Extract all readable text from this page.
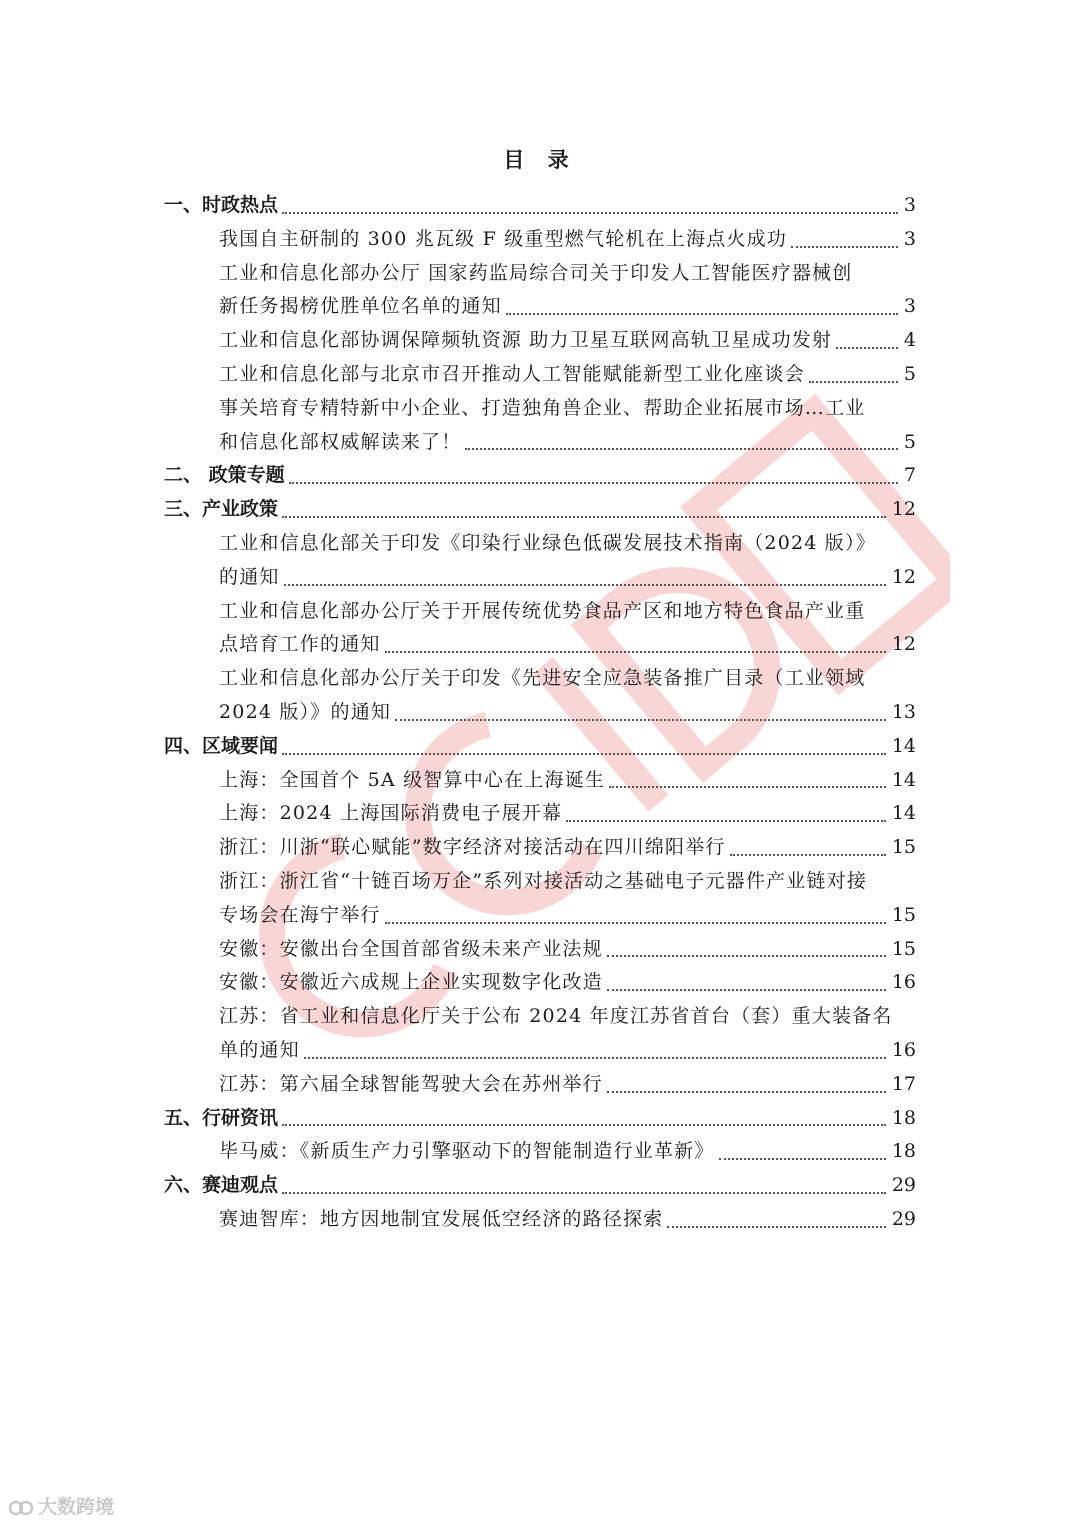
目 录
一、时政热点	3
我国自主研制的 300 兆瓦级 F 级重型燃气轮机在上海点火成功	3
工业和信息化部办公厅 国家药监局综合司关于印发人工智能医疗器械创
新任务揭榜优胜单位名单的通知	3
工业和信息化部协调保障频轨资源 助力卫星互联网高轨卫星成功发射	4
工业和信息化部与北京市召开推动人工智能赋能新型工业化座谈会	5
事关培育专精特新中小企业、打造独角兽企业、帮助企业拓展市场…工业
和信息化部权威解读来了！	5
二、 政策专题	7
三、产业政策	12
工业和信息化部关于印发《印染行业绿色低碳发展技术指南（2024 版）》
的通知	12
工业和信息化部办公厅关于开展传统优势食品产区和地方特色食品产业重
点培育工作的通知	12
工业和信息化部办公厅关于印发《先进安全应急装备推广目录（工业领域
2024 版）》的通知	13
四、区域要闻	14
上海：全国首个 5A 级智算中心在上海诞生	14
上海：2024 上海国际消费电子展开幕	14
浙江：川浙“联心赋能”数字经济对接活动在四川绵阳举行	15
浙江：浙江省“十链百场万企”系列对接活动之基础电子元器件产业链对接
专场会在海宁举行	15
安徽：安徽出台全国首部省级未来产业法规	15
安徽：安徽近六成规上企业实现数字化改造	16
江苏：省工业和信息化厅关于公布 2024 年度江苏省首台（套）重大装备名
单的通知	16
江苏：第六届全球智能驾驶大会在苏州举行	17
五、行研资讯	18
毕马威：《新质生产力引擎驱动下的智能制造行业革新》	18
六、赛迪观点	29
赛迪智库：地方因地制宜发展低空经济的路径探索	29
大数跨境
